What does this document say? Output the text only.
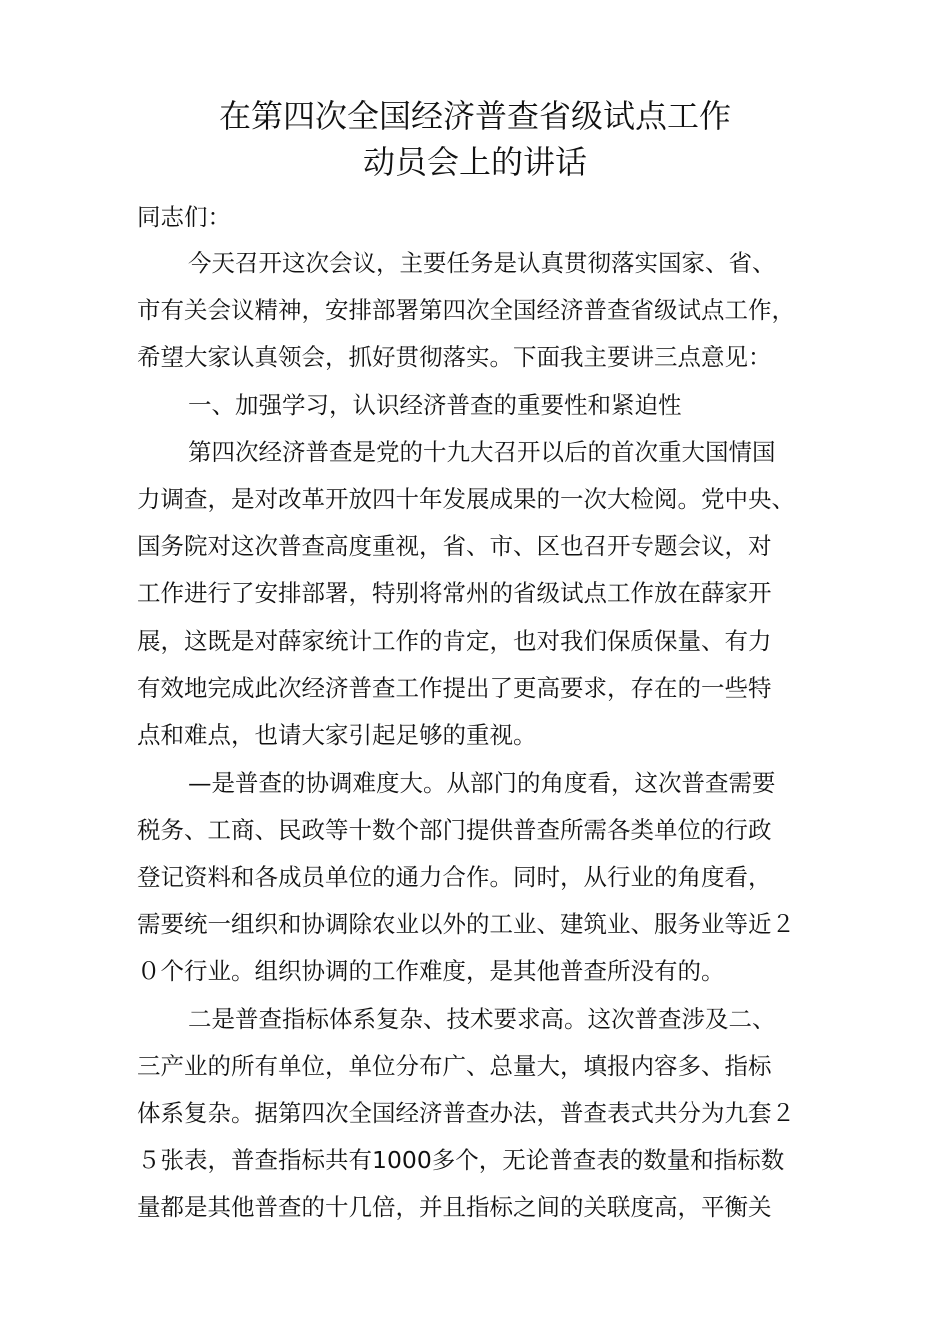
在第四次全国经济普查省级试点工作
动员会上的讲话
同志们：
今天召开这次会议，主要任务是认真贯彻落实国家、省、
市有关会议精神，安排部署第四次全国经济普查省级试点工作，
希望大家认真领会，抓好贯彻落实。下面我主要讲三点意见：
一、加强学习，认识经济普查的重要性和紧迫性
第四次经济普查是党的十九大召开以后的首次重大国情国
力调查，是对改革开放四十年发展成果的一次大检阅。党中央、
国务院对这次普查高度重视，省、市、区也召开专题会议，对
工作进行了安排部署，特别将常州的省级试点工作放在薛家开
展，这既是对薛家统计工作的肯定，也对我们保质保量、有力
有效地完成此次经济普查工作提出了更高要求，存在的一些特
点和难点，也请大家引起足够的重视。
—是普查的协调难度大。从部门的角度看，这次普查需要
税务、工商、民政等十数个部门提供普查所需各类单位的行政
登记资料和各成员单位的通力合作。同时，从行业的角度看，
需要统一组织和协调除农业以外的工业、建筑业、服务业等近２
０个行业。组织协调的工作难度，是其他普查所没有的。
二是普查指标体系复杂、技术要求高。这次普查涉及二、
三产业的所有单位，单位分布广、总量大，填报内容多、指标
体系复杂。据第四次全国经济普查办法，普查表式共分为九套２
５张表，普查指标共有1000多个，无论普查表的数量和指标数
量都是其他普查的十几倍，并且指标之间的关联度高，平衡关
